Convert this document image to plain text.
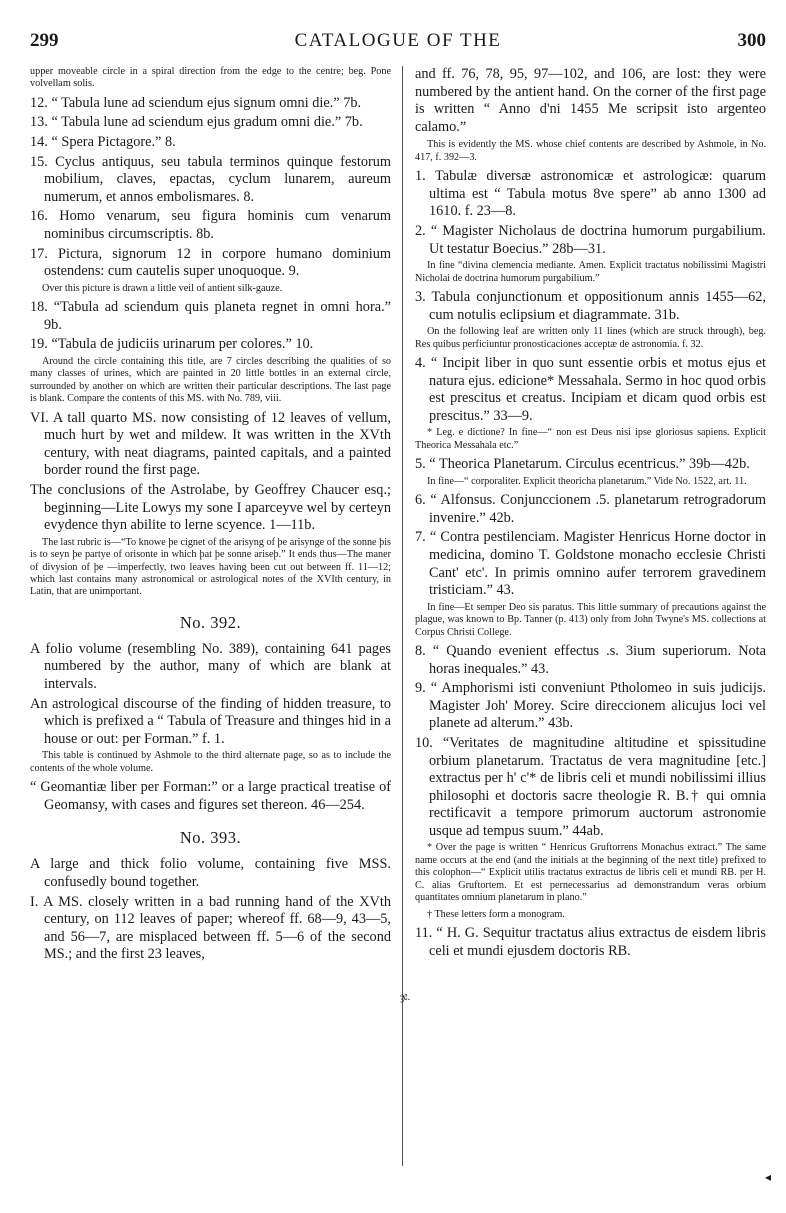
299	CATALOGUE OF THE	300

upper moveable circle in a spiral direction from the edge to the centre; beg. Pone volvellam solis.

12. “ Tabula lune ad sciendum ejus signum omni die.” 7b.

13. “ Tabula lune ad sciendum ejus gradum omni die.” 7b.

14. “ Spera Pictagore.” 8.

15. Cyclus antiquus, seu tabula terminos quinque festorum mobilium, claves, epactas, cyclum lunarem, aureum numerum, et annos embolismares. 8.

16. Homo venarum, seu figura hominis cum venarum nominibus circumscriptis. 8b.

17. Pictura, signorum 12 in corpore humano dominium ostendens: cum cautelis super unoquoque. 9.

Over this picture is drawn a little veil of antient silk-gauze.

18. “Tabula ad sciendum quis planeta regnet in omni hora.” 9b.

19. “Tabula de judiciis urinarum per colores.” 10.

Around the circle containing this title, are 7 circles describing the qualities of so many classes of urines, which are painted in 20 little bottles in an external circle, surrounded by another on which are written their particular descriptions. The last page is blank. Compare the contents of this MS. with No. 789, viii.

VI. A tall quarto MS. now consisting of 12 leaves of vellum, much hurt by wet and mildew. It was written in the XVth century, with neat diagrams, painted capitals, and a painted border round the first page.

The conclusions of the Astrolabe, by Geoffrey Chaucer esq.; beginning—Lite Lowys my sone I aparceyve wel by certeyn evydence thyn abilite to lerne scyence. 1—11b.

The last rubric is—“To knowe þe cignet of the arisyng of þe arisynge of the sonne þis is to seyn þe partye of orisonte in which þat þe sonne ariseþ.” It ends thus—The maner of divysion of þe —imperfectly, two leaves having been cut out between ff. 11—12; which last contains many astronomical or astrological notes of the XVIth century, in Latin, that are unimportant.

No. 392.

A folio volume (resembling No. 389), containing 641 pages numbered by the author, many of which are blank at intervals.

An astrological discourse of the finding of hidden treasure, to which is prefixed a “ Tabula of Treasure and thinges hid in a house or out: per Forman.” f. 1.

This table is continued by Ashmole to the third alternate page, so as to include the contents of the whole volume.

“ Geomantiæ liber per Forman:” or a large practical treatise of Geomansy, with cases and figures set thereon. 46—254.

No. 393.

A large and thick folio volume, containing five MSS. confusedly bound together.

I. A MS. closely written in a bad running hand of the XVth century, on 112 leaves of paper; whereof ff. 68—9, 43—5, and 56—7, are misplaced between ff. 5—6 of the second MS.; and the first 23 leaves,

and ff. 76, 78, 95, 97—102, and 106, are lost: they were numbered by the antient hand. On the corner of the first page is written “ Anno d'ni 1455 Me scripsit isto argenteo calamo.”

This is evidently the MS. whose chief contents are described by Ashmole, in No. 417, f. 392—3.

1. Tabulæ diversæ astronomicæ et astrologicæ: quarum ultima est “ Tabula motus 8ve spere” ab anno 1300 ad 1610. f. 23—8.

2. “ Magister Nicholaus de doctrina humorum purgabilium. Ut testatur Boecius.” 28b—31.

In fine “divina clemencia mediante. Amen. Explicit tractatus nobilissimi Magistri Nicholai de doctrina humorum purgabilium.”

3. Tabula conjunctionum et oppositionum annis 1455—62, cum notulis eclipsium et diagrammate. 31b.

On the following leaf are written only 11 lines (which are struck through), beg. Res quibus perficiuntur pronosticaciones acceptæ de astronomia. f. 32.

4. “ Incipit liber in quo sunt essentie orbis et motus ejus et natura ejus. edicione* Messahala. Sermo in hoc quod orbis est prescitus et creatus. Incipiam et dicam quod orbis est prescitus.” 33—9.

* Leg. e dictione? In fine—“ non est Deus nisi ipse gloriosus sapiens. Explicit Theorica Messahala etc.”

5. “ Theorica Planetarum. Circulus ecentricus.” 39b—42b.

In fine—“ corporaliter. Explicit theoricha planetarum.” Vide No. 1522, art. 11.

6. “ Alfonsus. Conjunccionem .5. planetarum retrogradorum invenire.” 42b.

7. “ Contra pestilenciam. Magister Henricus Horne doctor in medicina, domino T. Goldstone monacho ecclesie Christi Cant' etc'. In primis omnino aufer terrorem gravedinem tristiciam.” 43.

In fine—Et semper Deo sis paratus. This little summary of precautions against the plague, was known to Bp. Tanner (p. 413) only from John Twyne's MS. collections at Corpus Christi College.

8. “ Quando evenient effectus .s. 3ium superiorum. Nota horas inequales.” 43.

9. “ Amphorismi isti conveniunt Ptholomeo in suis judicijs. Magister Joh' Morey. Scire direccionem alicujus loci vel planete ad alterum.” 43b.

10. “Veritates de magnitudine altitudine et spissitudine orbium planetarum. Tractatus de vera magnitudine [etc.] extractus per h' c'* de libris celi et mundi nobilissimi illius philosophi et doctoris sacre theologie R. B.† qui omnia rectificavit a tempore primorum auctorum astronomie usque ad tempus suum.” 44ab.

* Over the page is written “ Henricus Gruftorrens Monachus extract.” The same name occurs at the end (and the initials at the beginning of the next title) prefixed to this colophon—“ Explicit utilis tractatus extractus de libris celi et mundi RB. per H. C. alias Gruftortem. Et est pernecessarius ad demonstrandum veras orbium quantitates omnium planetarum in plano.”

† These letters form a monogram.

11. “ H. G. Sequitur tractatus alius extractus de eisdem libris celi et mundi ejusdem doctoris RB.

ჯ.
◂
